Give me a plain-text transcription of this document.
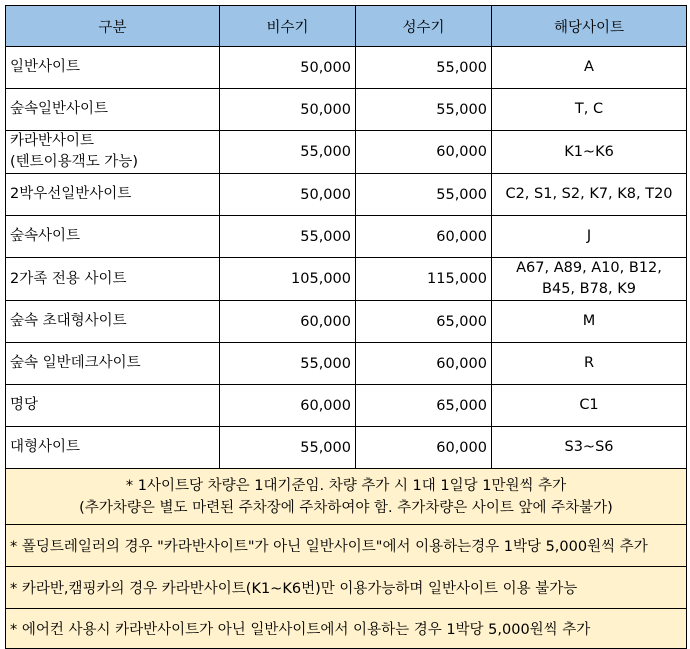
구분	비수기	성수기	해당사이트

일반사이트	50,000	55,000	A

숲속일반사이트	50,000	55,000	T, C

카라반사이트
(텐트이용객도 가능)	55,000	60,000	K1~K6

2박우선일반사이트	50,000	55,000	C2, S1, S2, K7, K8, T20

숲속사이트	55,000	60,000	J

2가족 전용 사이트	105,000	115,000	A67, A89, A10, B12,
B45, B78, K9

숲속 초대형사이트	60,000	65,000	M

숲속 일반데크사이트	55,000	60,000	R

명당	60,000	65,000	C1

대형사이트	55,000	60,000	S3~S6

* 1사이트당 차량은 1대기준임. 차량 추가 시 1대 1일당 1만원씩 추가
(추가차량은 별도 마련된 주차장에 주차하여야 함. 추가차량은 사이트 앞에 주차불가)			

* 폴딩트레일러의 경우 "카라반사이트"가 아닌 일반사이트"에서 이용하는경우 1박당 5,000원씩 추가			
* 카라반,캠핑카의 경우 카라반사이트(K1~K6번)만 이용가능하며 일반사이트 이용 불가능			
* 에어컨 사용시 카라반사이트가 아닌 일반사이트에서 이용하는 경우 1박당 5,000원씩 추가			
